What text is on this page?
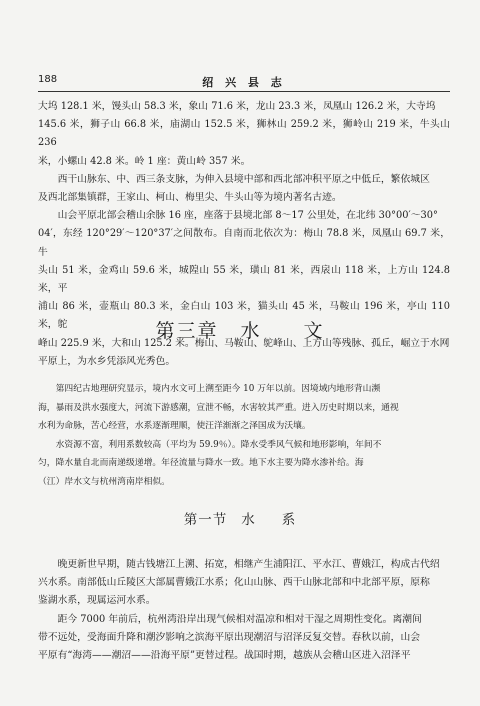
188	绍 兴 县 志

大坞 128.1 米，馒头山 58.3 米，象山 71.6 米，龙山 23.3 米，凤凰山 126.2 米，大寺坞
145.6 米，狮子山 66.8 米，庙湖山 152.5 米，狮林山 259.2 米，狮岭山 219 米，牛头山 236
米，小螺山 42.8 米。岭 1 座：黄山岭 357 米。

西干山脉东、中、西三条支脉，为伸入县境中部和西北部冲积平原之中低丘，繁依城区
及西北部集镇群，王家山、柯山、梅里尖、牛头山等为境内著名古迹。

山会平原北部会稽山余脉 16 座，座落于县境北部 8～17 公里处，在北纬 30°00′～30°
04′，东经 120°29′～120°37′之间散布。自南而北依次为：梅山 78.8 米，凤凰山 69.7 米，牛
头山 51 米，金鸡山 59.6 米，城隍山 55 米，璜山 81 米，西扆山 118 米，上方山 124.8 米，平
浦山 86 米，壶瓶山 80.3 米，金白山 103 米，猫头山 45 米，马鞍山 196 米，亭山 110 米，鸵
峰山 225.9 米，大和山 125.2 米。梅山、马鞍山、鸵峰山、上方山等残脉、孤丘，崛立于水网
平原上，为水乡凭添风光秀色。

第三章 水 文

第四纪古地理研究显示，境内水文可上溯至距今 10 万年以前。因境域内地形背山濒
海，暴雨及洪水强度大，河流下游感潮，宣泄不畅，水害较其严重。进入历史时期以来，通视
水利为命脉，苦心经营，水系逐渐理顺，使汪洋渐渐之泽国成为沃壤。

水资源不富，利用系数较高（平均为 59.9％）。降水受季风气候和地形影响，年间不
匀，降水量自北而南递级递增。年径流量与降水一致。地下水主要为降水渗补给。海
（江）岸水文与杭州湾南岸相似。

第一节 水 系

晚更新世早期，随古钱塘江上溯、拓宽，相继产生浦阳江、平水江、曹娥江，构成古代绍
兴水系。南部低山丘陵区大部属曹娥江水系；化山山脉、西干山脉北部和中北部平原，原称
鉴湖水系，现属运河水系。

距今 7000 年前后，杭州湾沿岸出现气候相对温凉和相对干湿之周期性变化。离潮间
带不远处，受海面升降和潮汐影响之滨海平原出现潮沼与沼泽反复交替。春秋以前，山会
平原有“海湾——潮沼——沿海平原”更替过程。战国时期，越族从会稽山区进入沼泽平
